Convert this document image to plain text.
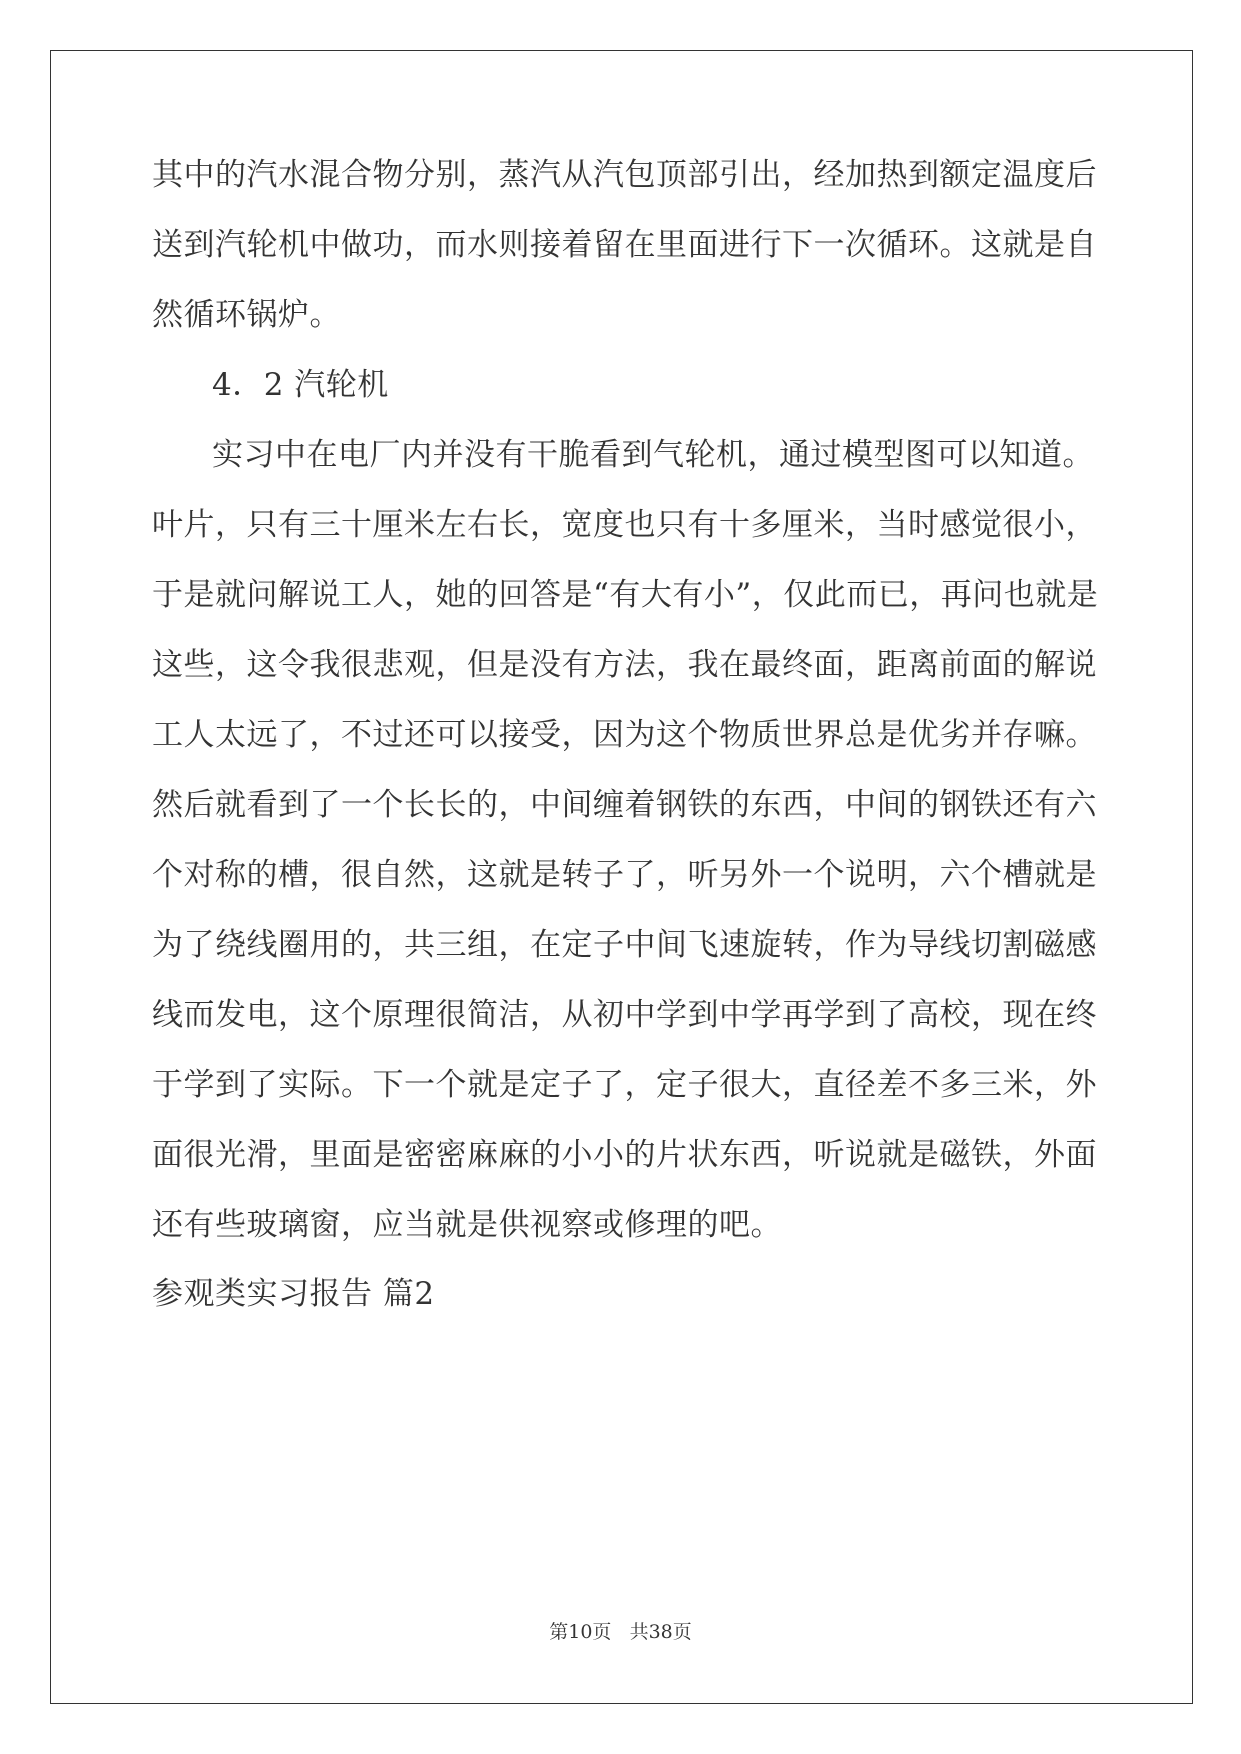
其中的汽水混合物分别，蒸汽从汽包顶部引出，经加热到额定温度后
送到汽轮机中做功，而水则接着留在里面进行下一次循环。这就是自
然循环锅炉。
4．2 汽轮机
实习中在电厂内并没有干脆看到气轮机，通过模型图可以知道。
叶片，只有三十厘米左右长，宽度也只有十多厘米，当时感觉很小，
于是就问解说工人，她的回答是“有大有小”，仅此而已，再问也就是
这些，这令我很悲观，但是没有方法，我在最终面，距离前面的解说
工人太远了，不过还可以接受，因为这个物质世界总是优劣并存嘛。
然后就看到了一个长长的，中间缠着钢铁的东西，中间的钢铁还有六
个对称的槽，很自然，这就是转子了，听另外一个说明，六个槽就是
为了绕线圈用的，共三组，在定子中间飞速旋转，作为导线切割磁感
线而发电，这个原理很简洁，从初中学到中学再学到了高校，现在终
于学到了实际。下一个就是定子了，定子很大，直径差不多三米，外
面很光滑，里面是密密麻麻的小小的片状东西，听说就是磁铁，外面
还有些玻璃窗，应当就是供视察或修理的吧。
参观类实习报告 篇2
第10页 共38页
